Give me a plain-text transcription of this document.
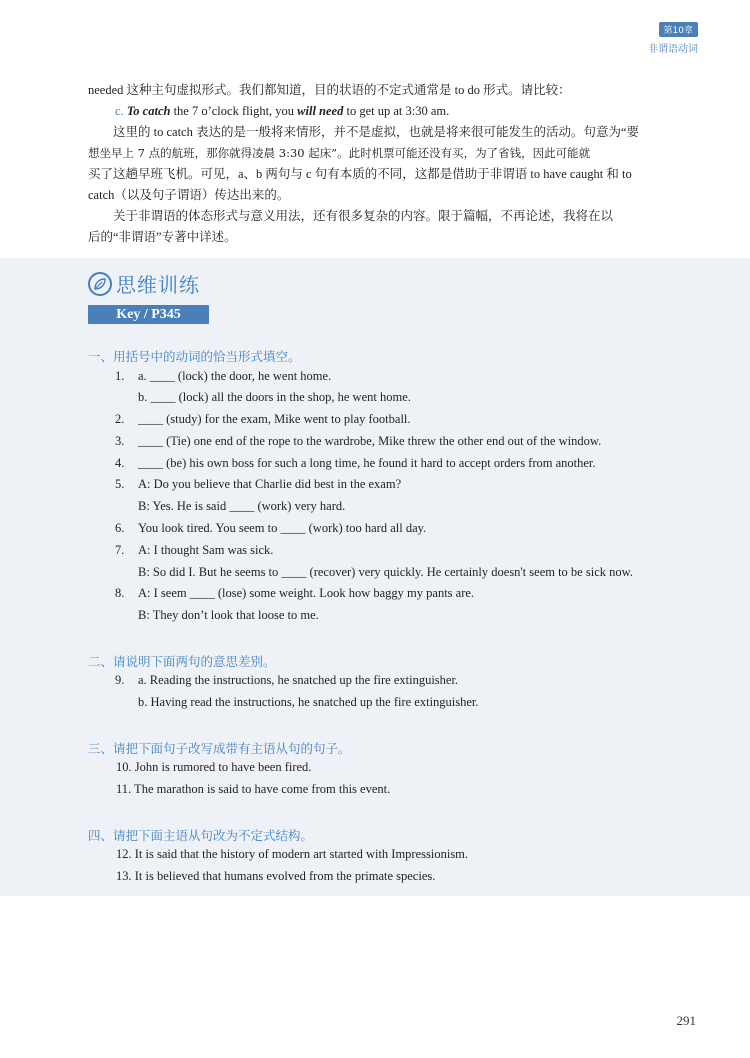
第10章
非谓语动词

needed 这种主句虚拟形式。我们都知道，目的状语的不定式通常是 to do 形式。请比较：

c. To catch the 7 o’clock flight, you will need to get up at 3:30 am.

这里的 to catch 表达的是一般将来情形，并不是虚拟，也就是将来很可能发生的活动。句意为“要

想坐早上 7 点的航班，那你就得凌晨 3:30 起床”。此时机票可能还没有买，为了省钱，因此可能就

买了这趟早班飞机。可见，a、b 两句与 c 句有本质的不同，这都是借助于非谓语 to have caught 和 to

catch（以及句子谓语）传达出来的。

关于非谓语的体态形式与意义用法，还有很多复杂的内容。限于篇幅，不再论述，我将在以

后的“非谓语”专著中详述。

思维训练
Key / P345
一、用括号中的动词的恰当形式填空。
1. a. ____ (lock) the door, he went home.
b. ____ (lock) all the doors in the shop, he went home.
2. ____ (study) for the exam, Mike went to play football.
3. ____ (Tie) one end of the rope to the wardrobe, Mike threw the other end out of the window.
4. ____ (be) his own boss for such a long time, he found it hard to accept orders from another.
5. A: Do you believe that Charlie did best in the exam?
B: Yes. He is said ____ (work) very hard.
6. You look tired. You seem to ____ (work) too hard all day.
7. A: I thought Sam was sick.
B: So did I. But he seems to ____ (recover) very quickly. He certainly doesn't seem to be sick now.
8. A: I seem ____ (lose) some weight. Look how baggy my pants are.
B: They don’t look that loose to me.
二、请说明下面两句的意思差别。
9. a. Reading the instructions, he snatched up the fire extinguisher.
b. Having read the instructions, he snatched up the fire extinguisher.
三、请把下面句子改写成带有主语从句的句子。
10. John is rumored to have been fired.
11. The marathon is said to have come from this event.
四、请把下面主语从句改为不定式结构。
12. It is said that the history of modern art started with Impressionism.
13. It is believed that humans evolved from the primate species.
291
